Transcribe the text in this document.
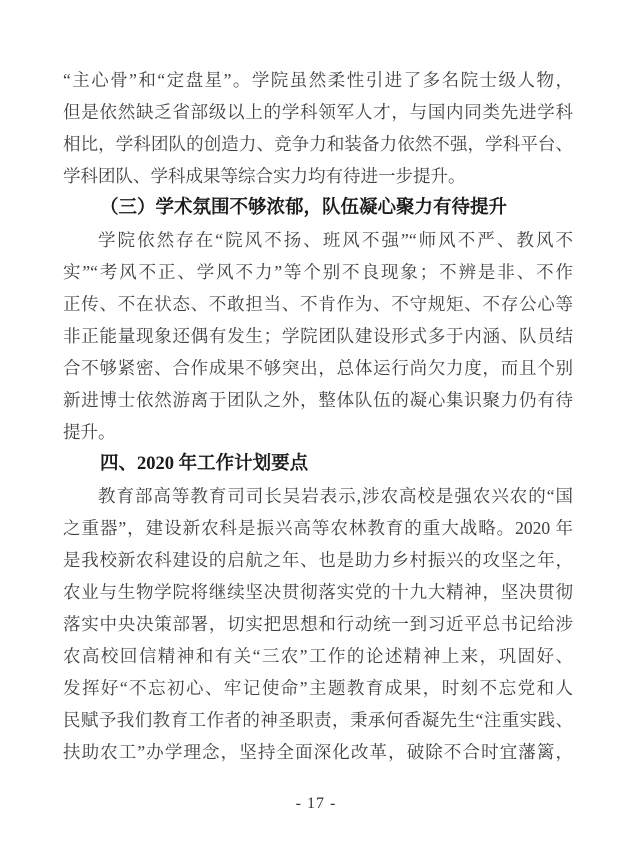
“主心骨”和“定盘星”。学院虽然柔性引进了多名院士级人物，
但是依然缺乏省部级以上的学科领军人才，与国内同类先进学科
相比，学科团队的创造力、竞争力和装备力依然不强，学科平台、
学科团队、学科成果等综合实力均有待进一步提升。
（三）学术氛围不够浓郁，队伍凝心聚力有待提升
学院依然存在“院风不扬、班风不强”“师风不严、教风不
实”“考风不正、学风不力”等个别不良现象；不辨是非、不作
正传、不在状态、不敢担当、不肯作为、不守规矩、不存公心等
非正能量现象还偶有发生；学院团队建设形式多于内涵、队员结
合不够紧密、合作成果不够突出，总体运行尚欠力度，而且个别
新进博士依然游离于团队之外，整体队伍的凝心集识聚力仍有待
提升。
四、2020 年工作计划要点
教育部高等教育司司长吴岩表示,涉农高校是强农兴农的“国
之重器”，建设新农科是振兴高等农林教育的重大战略。2020 年
是我校新农科建设的启航之年、也是助力乡村振兴的攻坚之年，
农业与生物学院将继续坚决贯彻落实党的十九大精神，坚决贯彻
落实中央决策部署，切实把思想和行动统一到习近平总书记给涉
农高校回信精神和有关“三农”工作的论述精神上来，巩固好、
发挥好“不忘初心、牢记使命”主题教育成果，时刻不忘党和人
民赋予我们教育工作者的神圣职责，秉承何香凝先生“注重实践、
扶助农工”办学理念，坚持全面深化改革，破除不合时宜藩篱，
- 17 -
